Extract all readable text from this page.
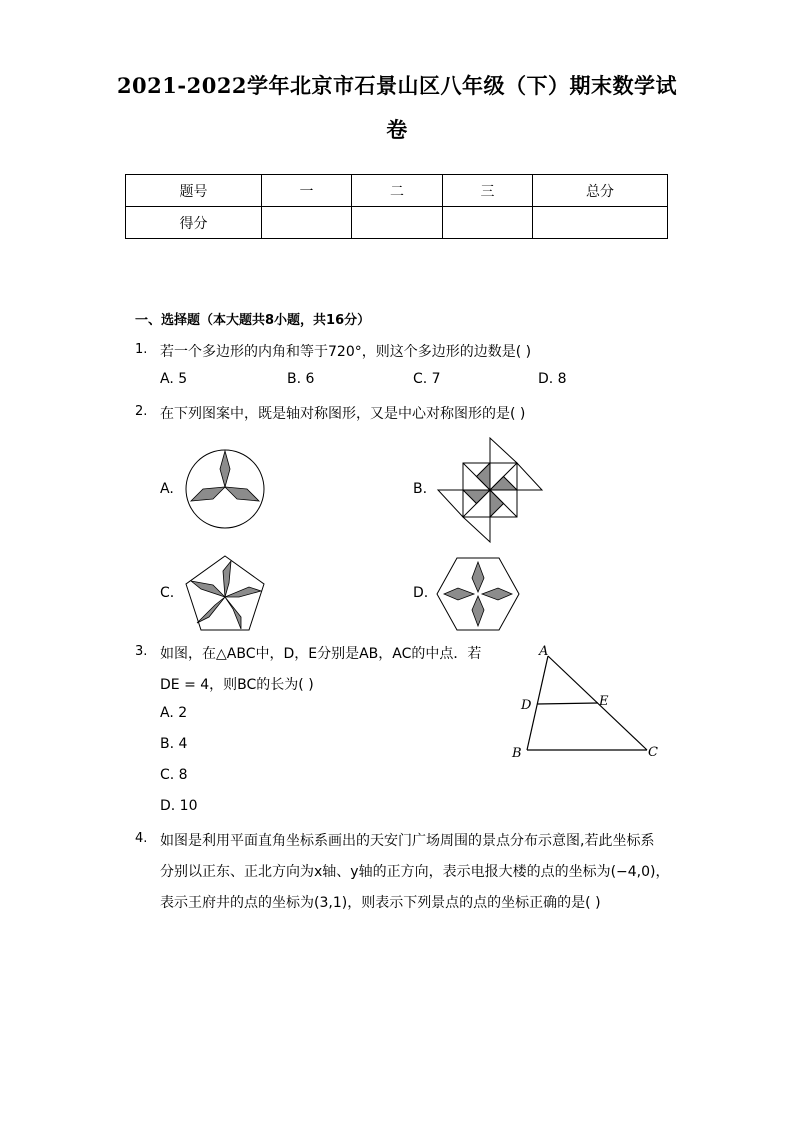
2021-2022学年北京市石景山区八年级（下）期末数学试
卷
题号	一	二	三	总分
得分				
一、选择题（本大题共8小题，共16分）
1. 若一个多边形的内角和等于720°，则这个多边形的边数是( )
A. 5	B. 6	C. 7	D. 8
2. 在下列图案中，既是轴对称图形，又是中心对称图形的是( )
A.	B.
C.	D.
3. 如图，在△ABC中，D，E分别是AB，AC的中点．若
DE = 4，则BC的长为( )
A. 2
B. 4
C. 8
D. 10
A
D	E
B	C
4. 如图是利用平面直角坐标系画出的天安门广场周围的景点分布示意图,若此坐标系
分别以正东、正北方向为x轴、y轴的正方向，表示电报大楼的点的坐标为(−4,0)，
表示王府井的点的坐标为(3,1)，则表示下列景点的点的坐标正确的是( )
